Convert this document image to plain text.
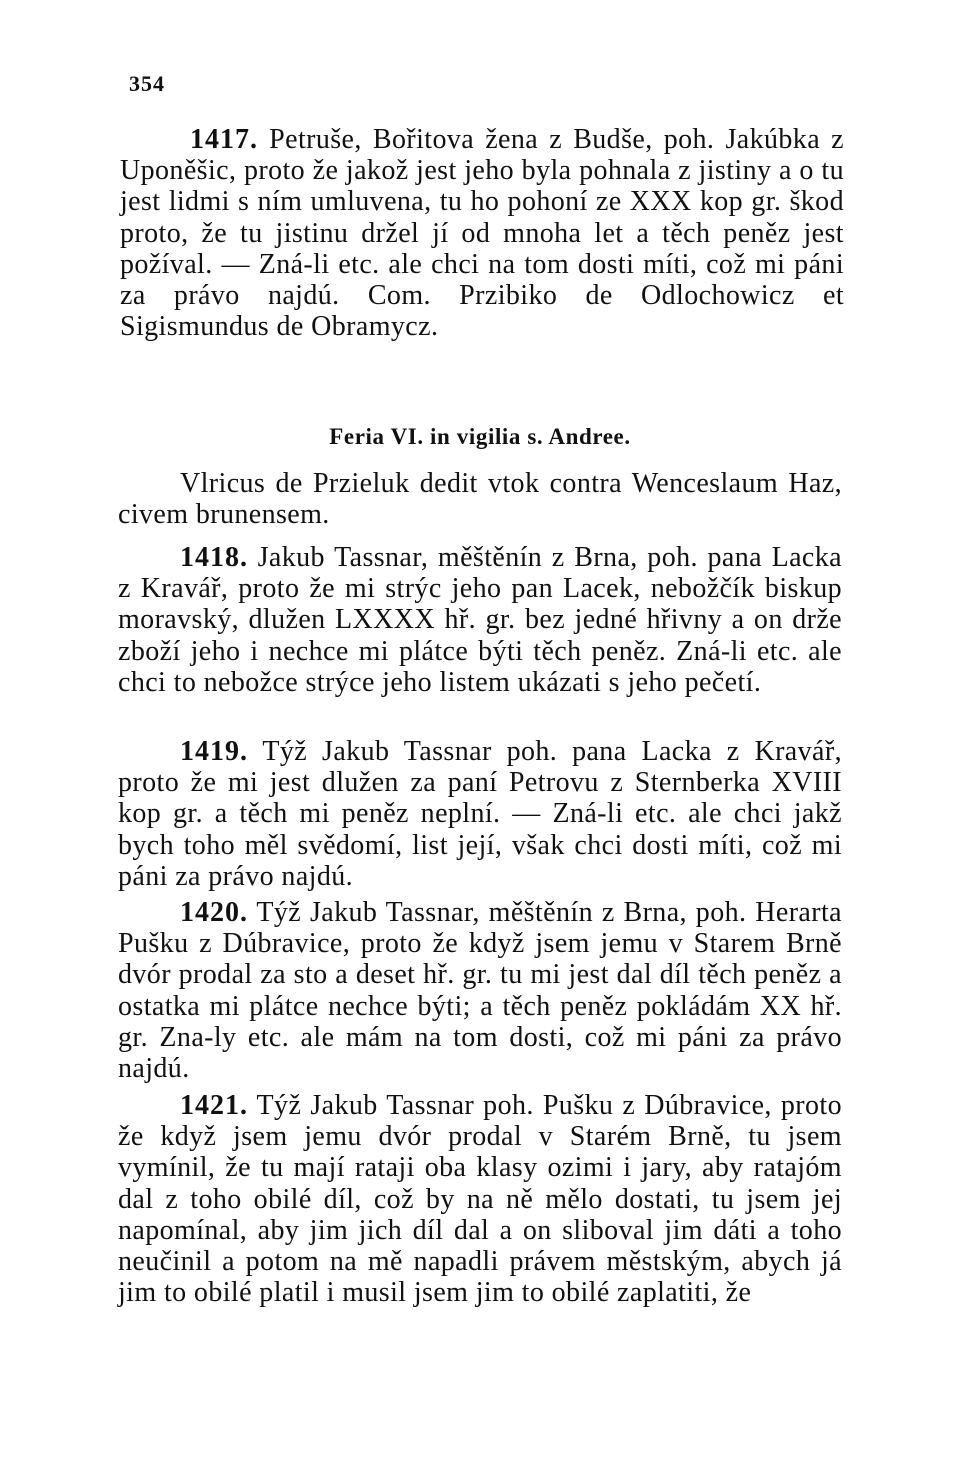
354
1417. Petruše, Bořitova žena z Budše, poh. Jakúbka z Uponěšic, proto že jakož jest jeho byla pohnala z jistiny a o tu jest lidmi s ním umluvena, tu ho pohoní ze XXX kop gr. škod proto, že tu jistinu držel jí od mnoha let a těch peněz jest požíval. — Zná-li etc. ale chci na tom dosti míti, což mi páni za právo najdú. Com. Przibiko de Odlochowicz et Sigismundus de Obramycz.
Feria VI. in vigilia s. Andree.
Vlricus de Przieluk dedit vtok contra Wenceslaum Haz, civem brunensem.
1418. Jakub Tassnar, měštěnín z Brna, poh. pana Lacka z Kravář, proto že mi strýc jeho pan Lacek, nebožčík biskup moravský, dlužen LXXXX hř. gr. bez jedné hřivny a on drže zboží jeho i nechce mi plátce býti těch peněz. Zná-li etc. ale chci to nebožce strýce jeho listem ukázati s jeho pečetí.
1419. Týž Jakub Tassnar poh. pana Lacka z Kravář, proto že mi jest dlužen za paní Petrovu z Sternberka XVIII kop gr. a těch mi peněz neplní. — Zná-li etc. ale chci jakž bych toho měl svědomí, list její, však chci dosti míti, což mi páni za právo najdú.
1420. Týž Jakub Tassnar, měštěnín z Brna, poh. Herarta Pušku z Dúbravice, proto že když jsem jemu v Starem Brně dvór prodal za sto a deset hř. gr. tu mi jest dal díl těch peněz a ostatka mi plátce nechce býti; a těch peněz pokládám XX hř. gr. Zna-ly etc. ale mám na tom dosti, což mi páni za právo najdú.
1421. Týž Jakub Tassnar poh. Pušku z Dúbravice, proto že když jsem jemu dvór prodal v Starém Brně, tu jsem vymínil, že tu mají rataji oba klasy ozimi i jary, aby ratajóm dal z toho obilé díl, což by na ně mělo dostati, tu jsem jej napomínal, aby jim jich díl dal a on sliboval jim dáti a toho neučinil a potom na mě napadli právem městským, abych já jim to obilé platil i musil jsem jim to obilé zaplatiti, že
